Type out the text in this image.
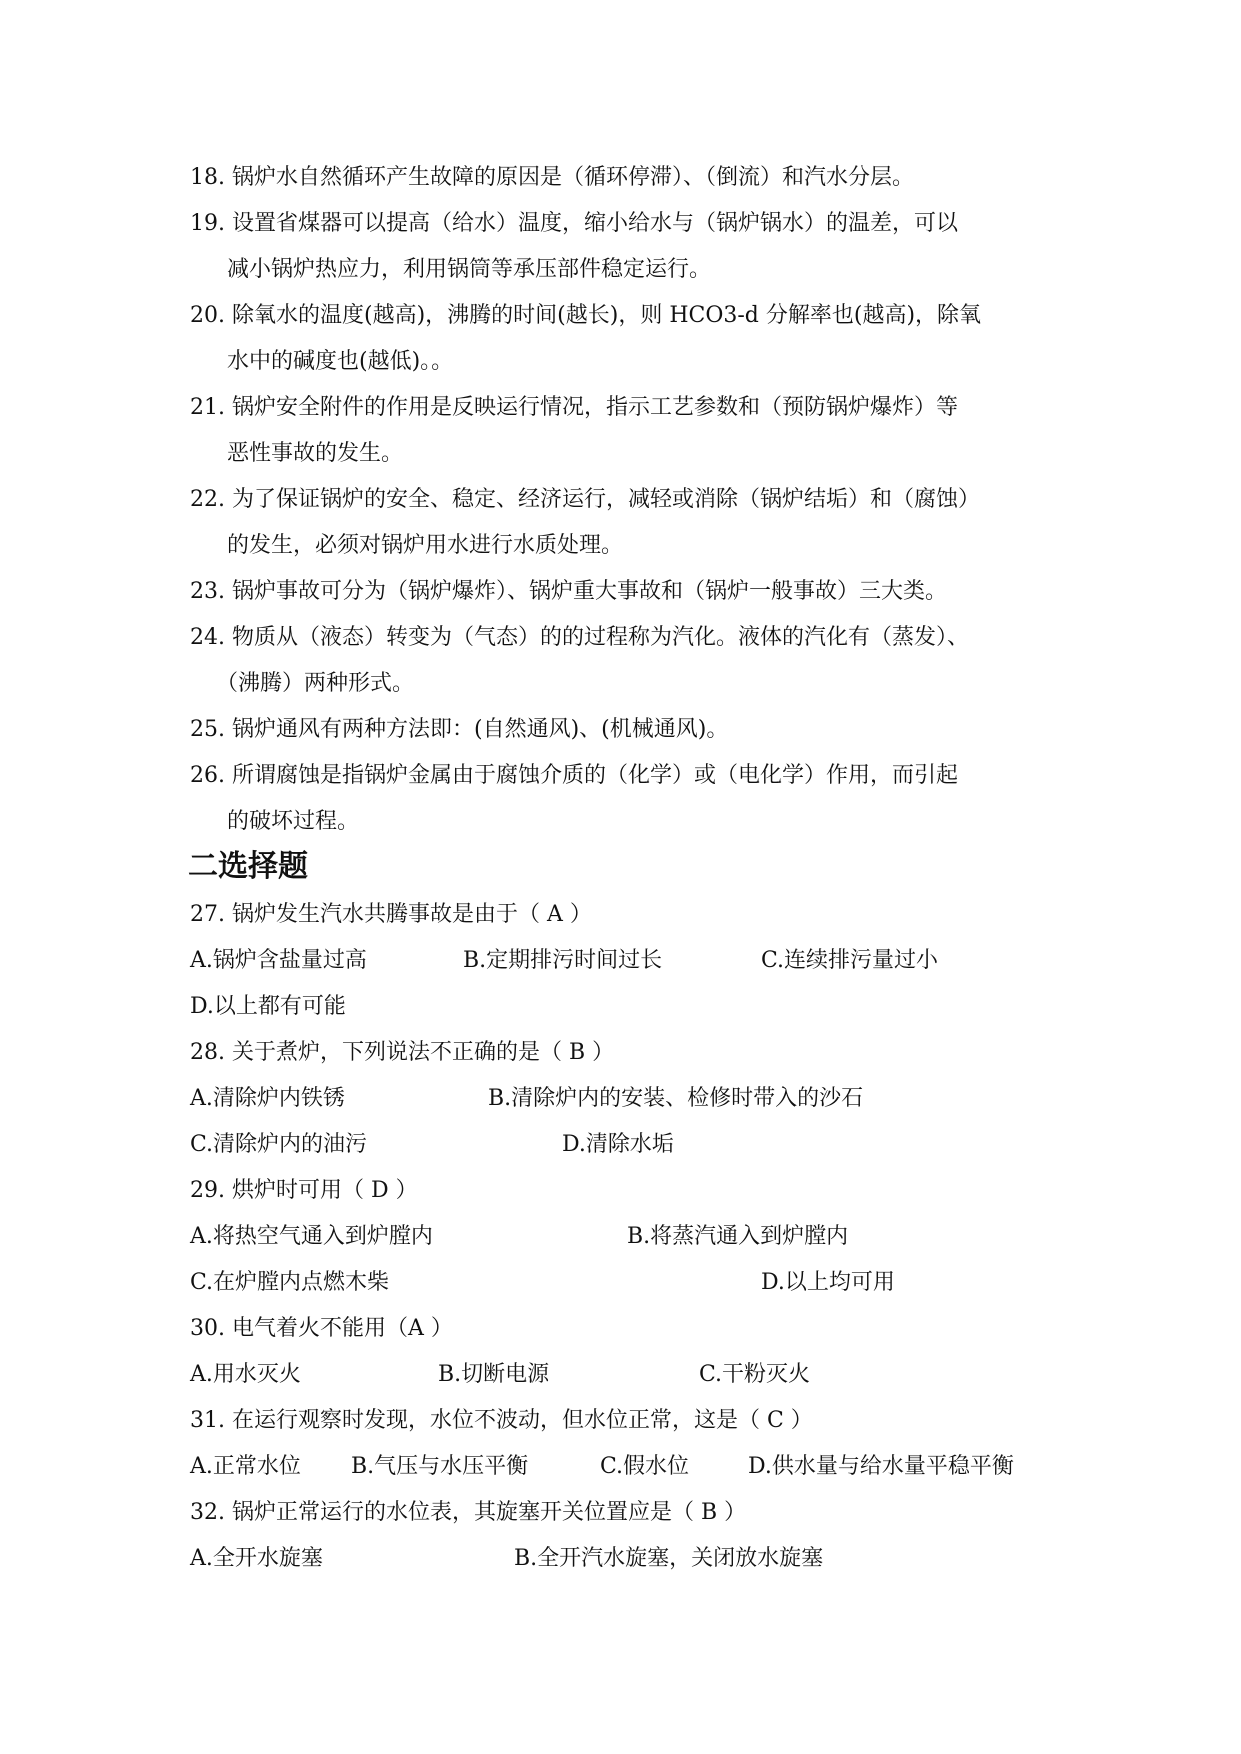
18. 锅炉水自然循环产生故障的原因是（循环停滞）、（倒流）和汽水分层。
19. 设置省煤器可以提高（给水）温度，缩小给水与（锅炉锅水）的温差，可以
减小锅炉热应力，利用锅筒等承压部件稳定运行。
20. 除氧水的温度(越高)，沸腾的时间(越长)，则 HCO3-d 分解率也(越高)，除氧
水中的碱度也(越低)。。
21. 锅炉安全附件的作用是反映运行情况，指示工艺参数和（预防锅炉爆炸）等
恶性事故的发生。
22. 为了保证锅炉的安全、稳定、经济运行，减轻或消除（锅炉结垢）和（腐蚀）
的发生，必须对锅炉用水进行水质处理。
23. 锅炉事故可分为（锅炉爆炸）、锅炉重大事故和（锅炉一般事故）三大类。
24. 物质从（液态）转变为（气态）的的过程称为汽化。液体的汽化有（蒸发）、
（沸腾）两种形式。
25. 锅炉通风有两种方法即：(自然通风)、(机械通风)。
26. 所谓腐蚀是指锅炉金属由于腐蚀介质的（化学）或（电化学）作用，而引起
的破坏过程。
二选择题
27. 锅炉发生汽水共腾事故是由于（ A ）
A.锅炉含盐量过高	B.定期排污时间过长	C.连续排污量过小
D.以上都有可能
28. 关于煮炉，下列说法不正确的是（ B ）
A.清除炉内铁锈	B.清除炉内的安装、检修时带入的沙石
C.清除炉内的油污	D.清除水垢
29. 烘炉时可用（ D ）
A.将热空气通入到炉膛内	B.将蒸汽通入到炉膛内
C.在炉膛内点燃木柴	D.以上均可用
30. 电气着火不能用（A ）
A.用水灭火	B.切断电源	C.干粉灭火
31. 在运行观察时发现，水位不波动，但水位正常，这是（ C ）
A.正常水位 B.气压与水压平衡	C.假水位	D.供水量与给水量平稳平衡
32. 锅炉正常运行的水位表，其旋塞开关位置应是（ B ）
A.全开水旋塞	B.全开汽水旋塞，关闭放水旋塞
